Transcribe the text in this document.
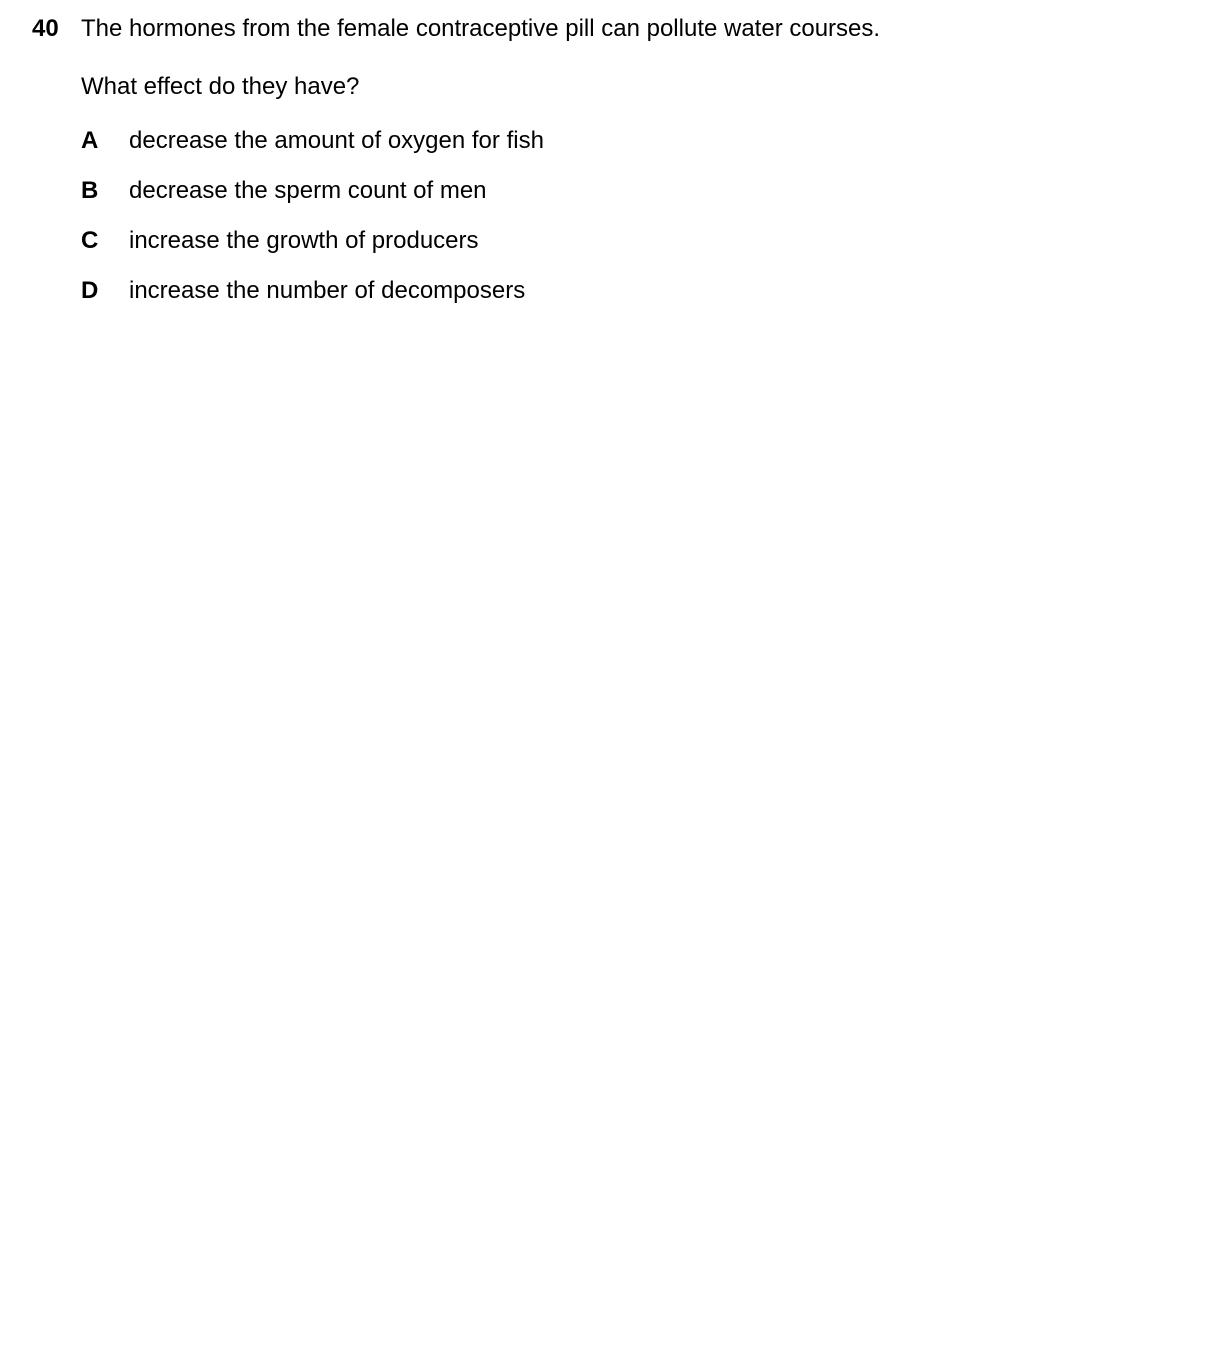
40 The hormones from the female contraceptive pill can pollute water courses.
What effect do they have?
A decrease the amount of oxygen for fish
B decrease the sperm count of men
C increase the growth of producers
D increase the number of decomposers
